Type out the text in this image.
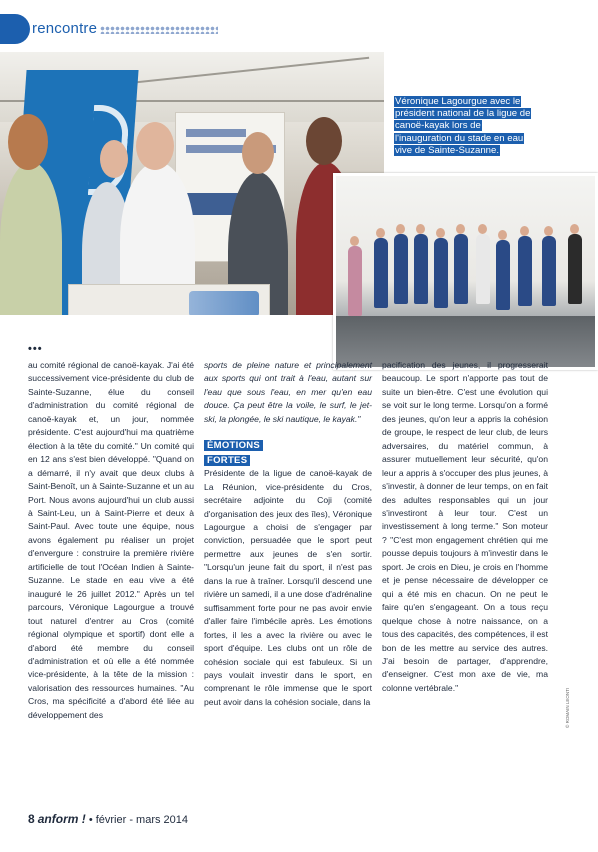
rencontre
Véronique Lagourgue avec le président national de la ligue de canoë-kayak lors de l'inauguration du stade en eau vive de Sainte-Suzanne.
•••

au comité régional de canoë-kayak. J'ai été successivement vice-présidente du club de Sainte-Suzanne, élue du conseil d'administration du comité régional de canoë-kayak et, un jour, nommée présidente. C'est aujourd'hui ma quatrième élection à la tête du comité." Un comité qui en 12 ans s'est bien développé. "Quand on a démarré, il n'y avait que deux clubs à Saint-Benoît, un à Sainte-Suzanne et un au Port. Nous avons aujourd'hui un club aussi à Saint-Leu, un à Saint-Pierre et deux à Saint-Paul. Avec toute une équipe, nous avons également pu réaliser un projet d'envergure : construire la première rivière artificielle de tout l'Océan Indien à Sainte-Suzanne. Le stade en eau vive a été inauguré le 26 juillet 2012." Après un tel parcours, Véronique Lagourgue a trouvé tout naturel d'entrer au Cros (comité régional olympique et sportif) dont elle a d'abord été membre du conseil d'administration et où elle a été nommée vice-présidente, à la tête de la mission : valorisation des ressources humaines. "Au Cros, ma spécificité a d'abord été liée au développement des

sports de pleine nature et principalement aux sports qui ont trait à l'eau, autant sur l'eau que sous l'eau, en mer qu'en eau douce. Ça peut être la voile, le surf, le jet-ski, la plongée, le ski nautique, le kayak."

ÉMOTIONS
FORTES

Présidente de la ligue de canoë-kayak de La Réunion, vice-présidente du Cros, secrétaire adjointe du Coji (comité d'organisation des jeux des îles), Véronique Lagourgue a choisi de s'engager par conviction, persuadée que le sport peut permettre aux jeunes de s'en sortir. "Lorsqu'un jeune fait du sport, il n'est pas dans la rue à traîner. Lorsqu'il descend une rivière un samedi, il a une dose d'adrénaline suffisamment forte pour ne pas avoir envie d'aller faire l'imbécile après. Les émotions fortes, il les a avec la rivière ou avec le sport d'équipe. Les clubs ont un rôle de cohésion sociale qui est fabuleux. Si un pays voulait investir dans le sport, en comprenant le rôle immense que le sport peut avoir dans la cohésion sociale, dans la

pacification des jeunes, il progresserait beaucoup. Le sport n'apporte pas tout de suite un bien-être. C'est une évolution qui se voit sur le long terme. Lorsqu'on a formé des jeunes, qu'on leur a appris la cohésion de groupe, le respect de leur club, de leurs adversaires, du matériel commun, à assurer mutuellement leur sécurité, qu'on leur a appris à s'occuper des plus jeunes, à s'investir, à donner de leur temps, on en fait des adultes responsables qui un jour s'investiront à leur tour. C'est un investissement à long terme." Son moteur ? "C'est mon engagement chrétien qui me pousse depuis toujours à m'investir dans le sport. Je crois en Dieu, je crois en l'homme et je pense nécessaire de développer ce qui a été mis en chacun. On ne peut le faire qu'en s'engageant. On a tous reçu quelque chose à notre naissance, on a tous des capacités, des compétences, il est bon de les mettre au service des autres. J'ai besoin de partager, d'apprendre, d'enseigner. C'est mon axe de vie, ma colonne vertébrale."

© ROMAIN LEONTI
8 anform ! • février - mars 2014
